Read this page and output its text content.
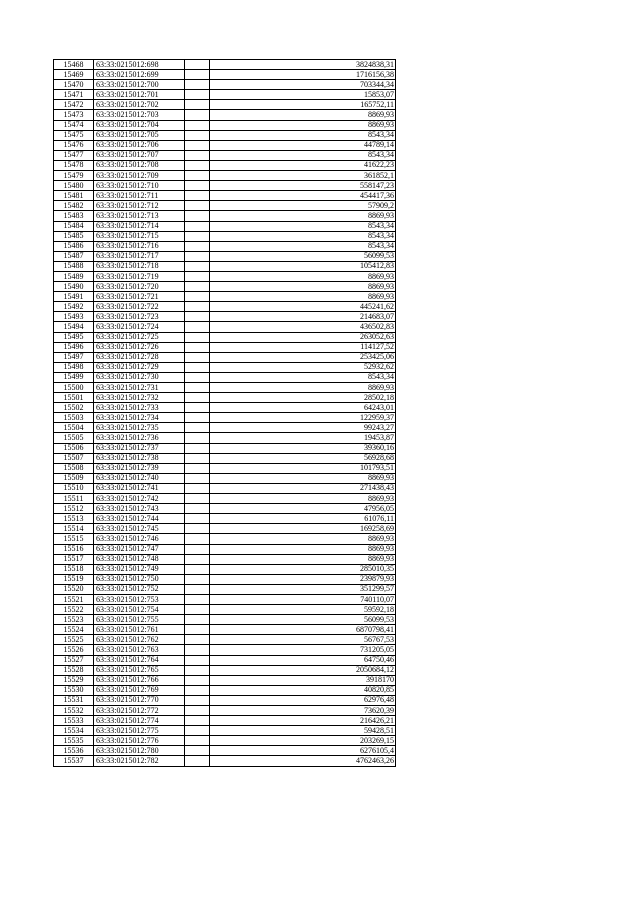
15468	63:33:0215012:698		3824838,31
15469	63:33:0215012:699		1716156,38
15470	63:33:0215012:700		703344,34
15471	63:33:0215012:701		15853,07
15472	63:33:0215012:702		165752,11
15473	63:33:0215012:703		8869,93
15474	63:33:0215012:704		8869,93
15475	63:33:0215012:705		8543,34
15476	63:33:0215012:706		44789,14
15477	63:33:0215012:707		8543,34
15478	63:33:0215012:708		41622,23
15479	63:33:0215012:709		361852,1
15480	63:33:0215012:710		558147,23
15481	63:33:0215012:711		454417,36
15482	63:33:0215012:712		57909,2
15483	63:33:0215012:713		8869,93
15484	63:33:0215012:714		8543,34
15485	63:33:0215012:715		8543,34
15486	63:33:0215012:716		8543,34
15487	63:33:0215012:717		56099,53
15488	63:33:0215012:718		105412,83
15489	63:33:0215012:719		8869,93
15490	63:33:0215012:720		8869,93
15491	63:33:0215012:721		8869,93
15492	63:33:0215012:722		445241,62
15493	63:33:0215012:723		214683,07
15494	63:33:0215012:724		436502,83
15495	63:33:0215012:725		263052,63
15496	63:33:0215012:726		114127,52
15497	63:33:0215012:728		253425,06
15498	63:33:0215012:729		52932,62
15499	63:33:0215012:730		8543,34
15500	63:33:0215012:731		8869,93
15501	63:33:0215012:732		28502,18
15502	63:33:0215012:733		64243,01
15503	63:33:0215012:734		122959,37
15504	63:33:0215012:735		99243,27
15505	63:33:0215012:736		19453,87
15506	63:33:0215012:737		39360,16
15507	63:33:0215012:738		56928,68
15508	63:33:0215012:739		101793,51
15509	63:33:0215012:740		8869,93
15510	63:33:0215012:741		271438,43
15511	63:33:0215012:742		8869,93
15512	63:33:0215012:743		47956,05
15513	63:33:0215012:744		61076,11
15514	63:33:0215012:745		169258,69
15515	63:33:0215012:746		8869,93
15516	63:33:0215012:747		8869,93
15517	63:33:0215012:748		8869,93
15518	63:33:0215012:749		285010,35
15519	63:33:0215012:750		239879,93
15520	63:33:0215012:752		351299,57
15521	63:33:0215012:753		740110,07
15522	63:33:0215012:754		59592,18
15523	63:33:0215012:755		56099,53
15524	63:33:0215012:761		6870798,41
15525	63:33:0215012:762		56767,53
15526	63:33:0215012:763		731205,05
15527	63:33:0215012:764		64750,46
15528	63:33:0215012:765		2050684,12
15529	63:33:0215012:766		3918170
15530	63:33:0215012:769		40820,85
15531	63:33:0215012:770		62976,48
15532	63:33:0215012:772		73620,39
15533	63:33:0215012:774		216426,21
15534	63:33:0215012:775		59428,51
15535	63:33:0215012:776		203269,15
15536	63:33:0215012:780		6276105,4
15537	63:33:0215012:782		4762463,26
